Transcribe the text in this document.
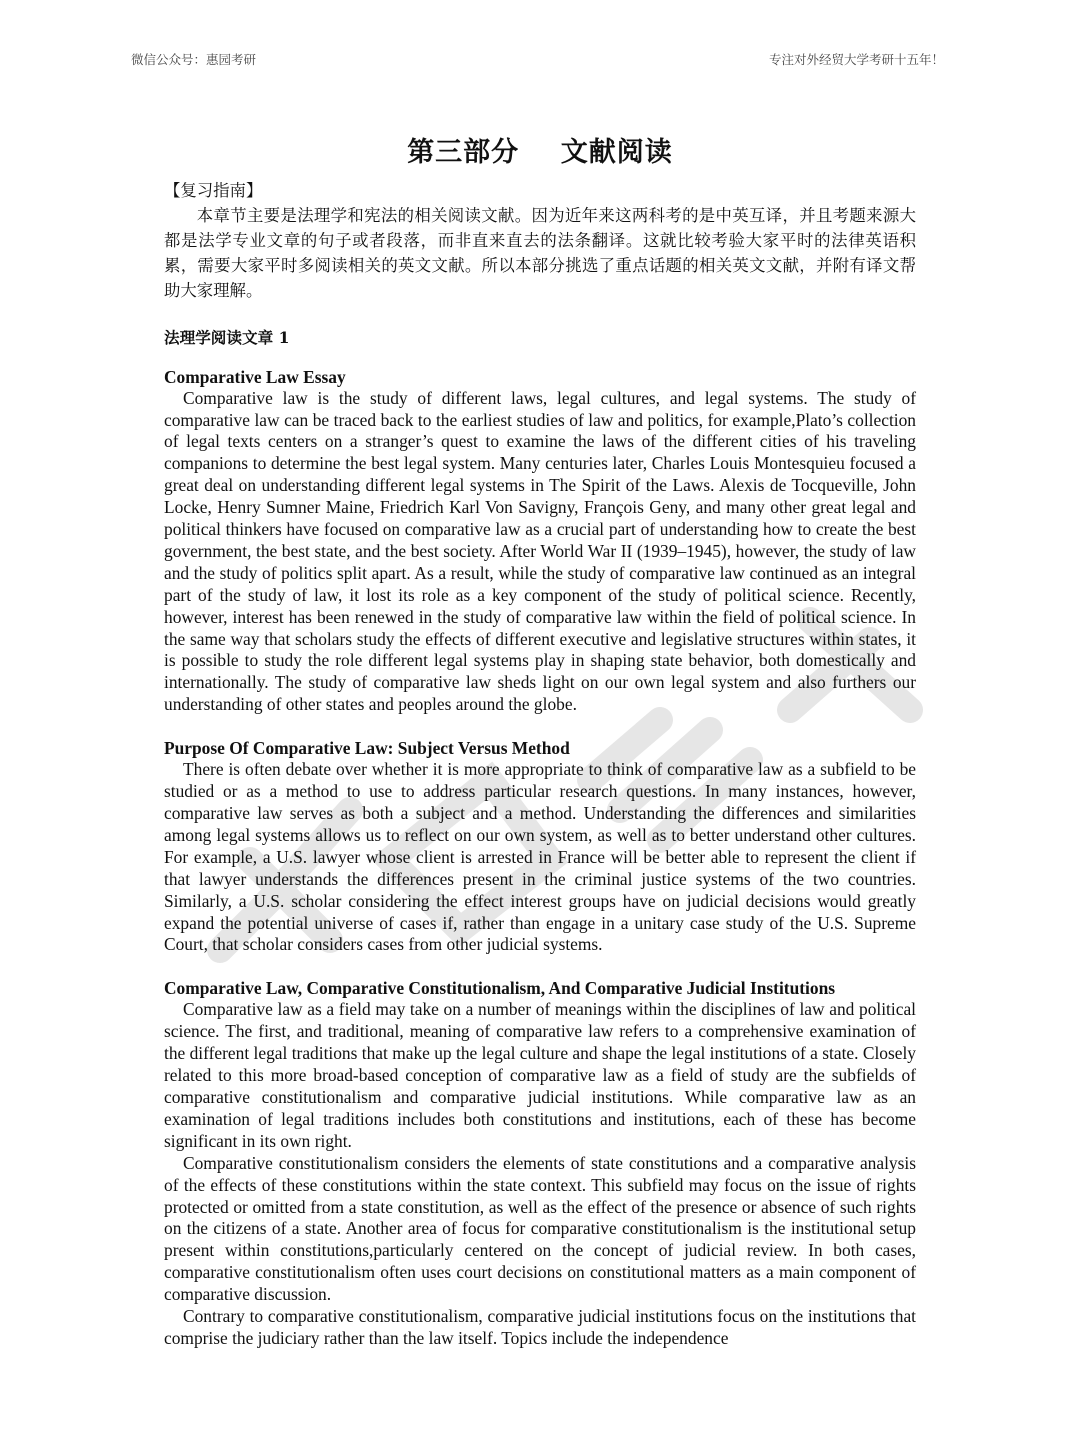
微信公众号：惠园考研	专注对外经贸大学考研十五年！
第三部分    文献阅读

【复习指南】

本章节主要是法理学和宪法的相关阅读文献。因为近年来这两科考的是中英互译，并且考题来源大都是法学专业文章的句子或者段落，而非直来直去的法条翻译。这就比较考验大家平时的法律英语积累，需要大家平时多阅读相关的英文文献。所以本部分挑选了重点话题的相关英文文献，并附有译文帮助大家理解。

法理学阅读文章 1

Comparative Law Essay

Comparative law is the study of different laws, legal cultures, and legal systems. The study of comparative law can be traced back to the earliest studies of law and politics, for example,Plato’s collection of legal texts centers on a stranger’s quest to examine the laws of the different cities of his traveling companions to determine the best legal system. Many centuries later, Charles Louis Montesquieu focused a great deal on understanding different legal systems in The Spirit of the Laws. Alexis de Tocqueville, John Locke, Henry Sumner Maine, Friedrich Karl Von Savigny, François Geny, and many other great legal and political thinkers have focused on comparative law as a crucial part of understanding how to create the best government, the best state, and the best society. After World War II (1939–1945), however, the study of law and the study of politics split apart. As a result, while the study of comparative law continued as an integral part of the study of law, it lost its role as a key component of the study of political science. Recently, however, interest has been renewed in the study of comparative law within the field of political science. In the same way that scholars study the effects of different executive and legislative structures within states, it is possible to study the role different legal systems play in shaping state behavior, both domestically and internationally. The study of comparative law sheds light on our own legal system and also furthers our understanding of other states and peoples around the globe.

Purpose Of Comparative Law: Subject Versus Method

There is often debate over whether it is more appropriate to think of comparative law as a subfield to be studied or as a method to use to address particular research questions. In many instances, however, comparative law serves as both a subject and a method. Understanding the differences and similarities among legal systems allows us to reflect on our own system, as well as to better understand other cultures. For example, a U.S. lawyer whose client is arrested in France will be better able to represent the client if that lawyer understands the differences present in the criminal justice systems of the two countries. Similarly, a U.S. scholar considering the effect interest groups have on judicial decisions would greatly expand the potential universe of cases if, rather than engage in a unitary case study of the U.S. Supreme Court, that scholar considers cases from other judicial systems.

Comparative Law, Comparative Constitutionalism, And Comparative Judicial Institutions

Comparative law as a field may take on a number of meanings within the disciplines of law and political science. The first, and traditional, meaning of comparative law refers to a comprehensive examination of the different legal traditions that make up the legal culture and shape the legal institutions of a state. Closely related to this more broad-based conception of comparative law as a field of study are the subfields of comparative constitutionalism and comparative judicial institutions. While comparative law as an examination of legal traditions includes both constitutions and institutions, each of these has become significant in its own right.

Comparative constitutionalism considers the elements of state constitutions and a comparative analysis of the effects of these constitutions within the state context. This subfield may focus on the issue of rights protected or omitted from a state constitution, as well as the effect of the presence or absence of such rights on the citizens of a state. Another area of focus for comparative constitutionalism is the institutional setup present within constitutions,particularly centered on the concept of judicial review. In both cases, comparative constitutionalism often uses court decisions on constitutional matters as a main component of comparative discussion.

Contrary to comparative constitutionalism, comparative judicial institutions focus on the institutions that comprise the judiciary rather than the law itself. Topics include the independence
